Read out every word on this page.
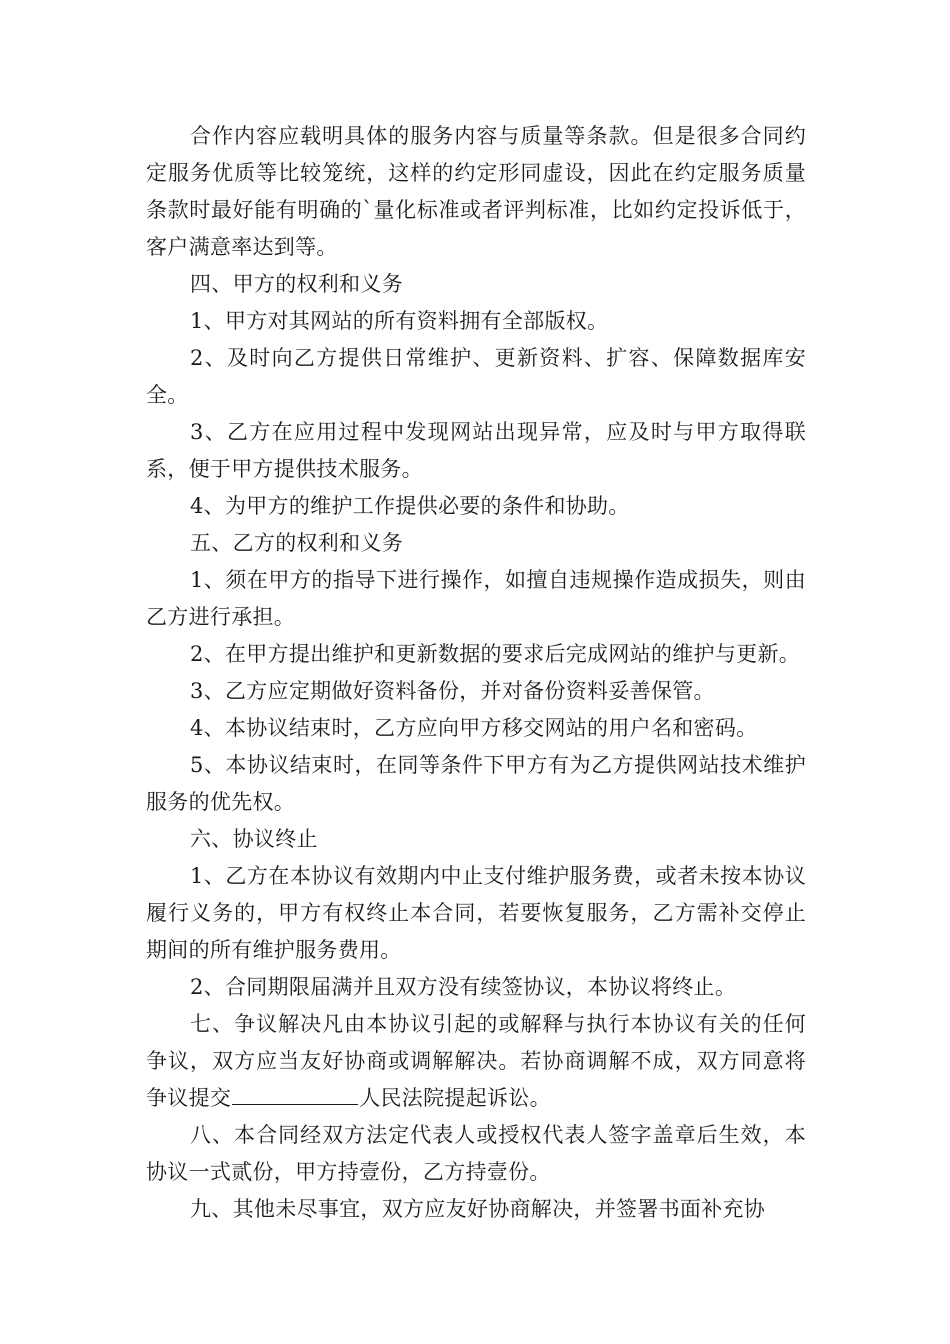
合作内容应载明具体的服务内容与质量等条款。但是很多合同约定服务优质等比较笼统，这样的约定形同虚设，因此在约定服务质量条款时最好能有明确的`量化标准或者评判标准，比如约定投诉低于，客户满意率达到等。

四、甲方的权利和义务

1、甲方对其网站的所有资料拥有全部版权。

2、及时向乙方提供日常维护、更新资料、扩容、保障数据库安全。

3、乙方在应用过程中发现网站出现异常，应及时与甲方取得联系，便于甲方提供技术服务。

4、为甲方的维护工作提供必要的条件和协助。

五、乙方的权利和义务

1、须在甲方的指导下进行操作，如擅自违规操作造成损失，则由乙方进行承担。

2、在甲方提出维护和更新数据的要求后完成网站的维护与更新。

3、乙方应定期做好资料备份，并对备份资料妥善保管。

4、本协议结束时，乙方应向甲方移交网站的用户名和密码。

5、本协议结束时，在同等条件下甲方有为乙方提供网站技术维护服务的优先权。

六、协议终止

1、乙方在本协议有效期内中止支付维护服务费，或者未按本协议履行义务的，甲方有权终止本合同，若要恢复服务，乙方需补交停止期间的所有维护服务费用。

2、合同期限届满并且双方没有续签协议，本协议将终止。

七、争议解决凡由本协议引起的或解释与执行本协议有关的任何争议，双方应当友好协商或调解解决。若协商调解不成，双方同意将争议提交	人民法院提起诉讼。

八、本合同经双方法定代表人或授权代表人签字盖章后生效，本协议一式贰份，甲方持壹份，乙方持壹份。

九、其他未尽事宜，双方应友好协商解决，并签署书面补充协
